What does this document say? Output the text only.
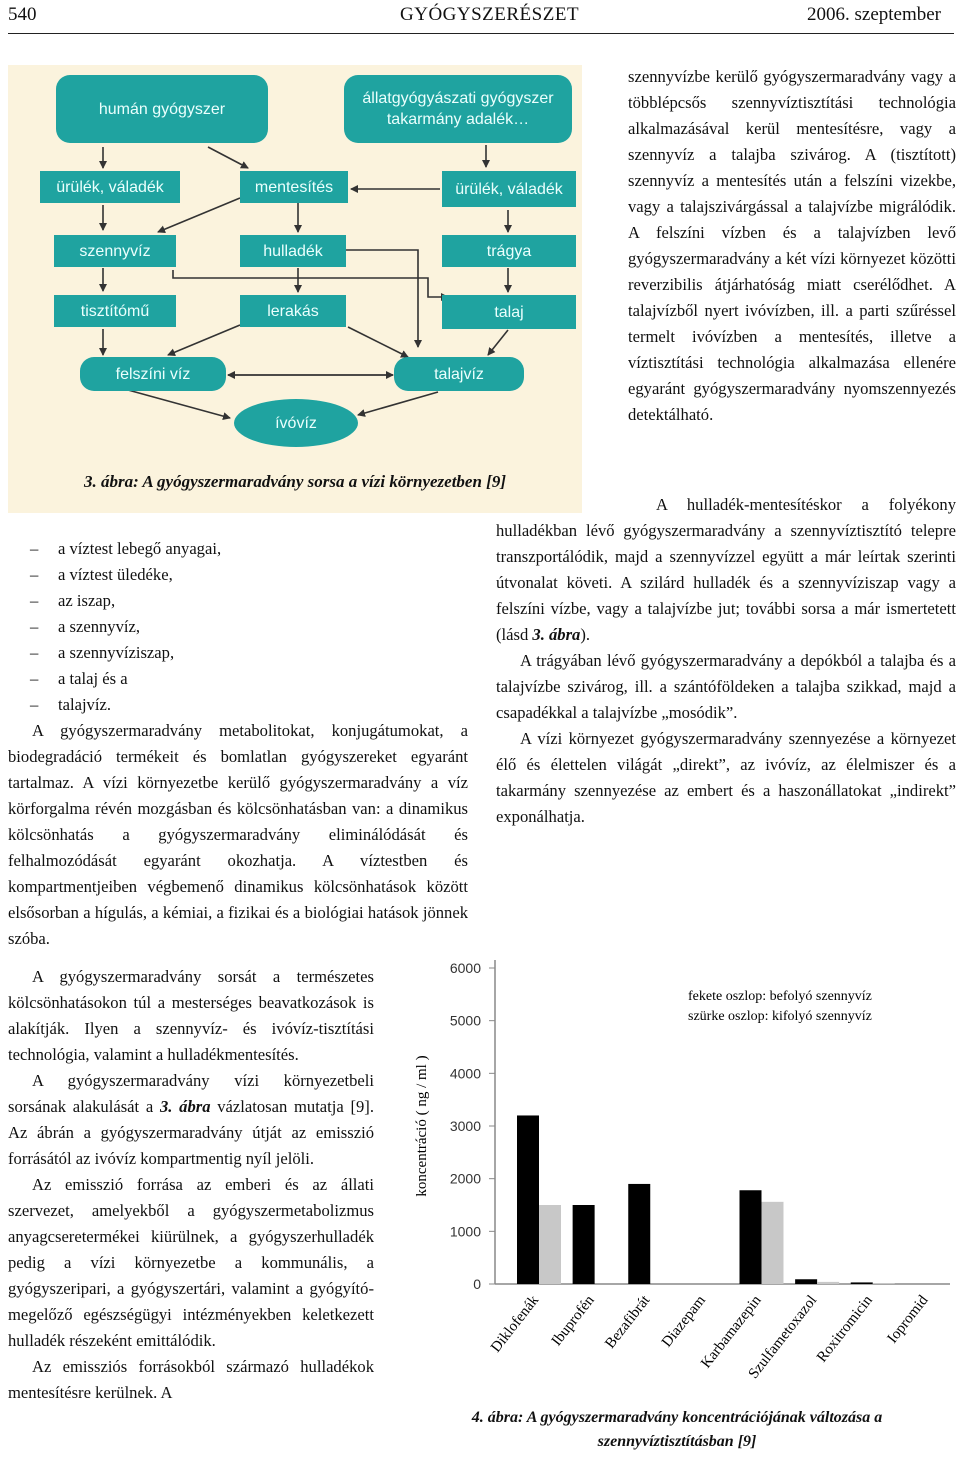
540	GYÓGYSZERÉSZET	2006. szeptember
humán gyógyszer
állatgyógyászati gyógyszer takarmány adalék…
ürülék, váladék	mentesítés	ürülék, váladék
szennyvíz	hulladék	trágya
tisztítómű	lerakás	talaj
felszíni víz	talajvíz
ívóvíz
3. ábra: A gyógyszermaradvány sorsa a vízi környezetben [9]
– a víztest lebegő anyagai,
– a víztest üledéke,
– az iszap,
– a szennyvíz,
– a szennyvíziszap,
– a talaj és a
– talajvíz.

A gyógyszermaradvány metabolitokat, konjugátumokat, a biodegradáció termékeit és bomlatlan gyógyszereket egyaránt tartalmaz. A vízi környezetbe kerülő gyógyszermaradvány a víz körforgalma révén mozgásban és kölcsönhatásban van: a dinamikus kölcsönhatás a gyógyszermaradvány eliminálódását és felhalmozódását egyaránt okozhatja. A víztestben és kompartmentjeiben végbemenő dinamikus kölcsönhatások között elsősorban a hígulás, a kémiai, a fizikai és a biológiai hatások jönnek szóba.

A gyógyszermaradvány sorsát a természetes kölcsönhatásokon túl a mesterséges beavatkozások is alakítják. Ilyen a szennyvíz- és ivóvíz-tisztítási technológia, valamint a hulladékmentesítés.

A gyógyszermaradvány vízi környezetbeli sorsának alakulását a 3. ábra vázlatosan mutatja [9]. Az ábrán a gyógyszermaradvány útját az emisszió forrásától az ivóvíz kompartmentig nyíl jelöli.

Az emisszió forrása az emberi és az állati szervezet, amelyekből a gyógyszermetabolizmus anyagcseretermékei kiürülnek, a gyógyszerhulladék pedig a vízi környezetbe a kommunális, a gyógyszeripari, a gyógyszertári, valamint a gyógyító-megelőző egészségügyi intézményekben keletkezett hulladék részeként emittálódik.

Az emissziós forrásokból származó hulladékok mentesítésre kerülnek. A

szennyvízbe kerülő gyógyszermaradvány vagy a többlépcsős szennyvíztisztítási technológia alkalmazásával kerül mentesítésre, vagy a szennyvíz a talajba szivárog. A (tisztított) szennyvíz a mentesítés után a felszíni vizekbe, vagy a talajszivárgással a talajvízbe migrálódik. A felszíni vízben és a talajvízben levő gyógyszermaradvány a két vízi környezet közötti reverzibilis átjárhatóság miatt cserélődhet. A talajvízből nyert ivóvízben, ill. a parti szűréssel termelt ivóvízben a mentesítés, illetve a víztisztítási technológia alkalmazása ellenére egyaránt gyógyszermaradvány nyomszennyezés detektálható.

A hulladék-mentesítéskor a folyékony hulladékban lévő gyógyszermaradvány a szennyvíztisztító telepre transzportálódik, majd a szennyvízzel együtt a már leírtak szerinti útvonalat követi. A szilárd hulladék és a szennyvíziszap vagy a felszíni vízbe, vagy a talajvízbe jut; további sorsa a már ismertetett (lásd 3. ábra).

A trágyában lévő gyógyszermaradvány a depókból a talajba és a talajvízbe szivárog, ill. a szántóföldeken a talajba szikkad, majd a csapadékkal a talajvízbe „mosódik”.

A vízi környezet gyógyszermaradvány szennyezése a környezet élő és élettelen világát „direkt”, az ivóvíz, az élelmiszer és a takarmány szennyezése az embert és a haszonállatokat „indirekt” exponálhatja.

koncentráció ( ng / ml )
0
1000
2000
3000
4000
5000
6000
Diklofenák Ibuprofén Bezafibrát Diazepam
Karbamazepin
Szulfametoxazol
Roxitromicin Iopromid
fekete oszlop: befolyó szennyvíz
szürke oszlop: kifolyó szennyvíz
4. ábra: A gyógyszermaradvány koncentrációjának változása a
szennyvíztisztításban [9]
